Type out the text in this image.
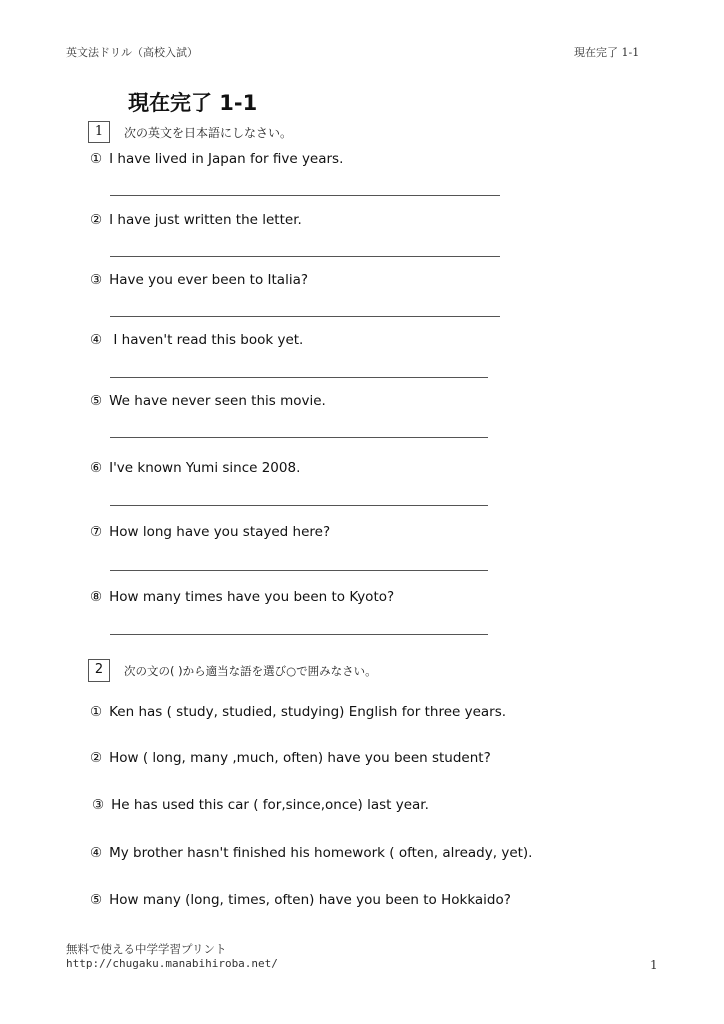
英文法ドリル（高校入試）	現在完了 1-1
現在完了 1-1
1	次の英文を日本語にしなさい。
① I have lived in Japan for five years.
② I have just written the letter.
③ Have you ever been to Italia?
④ I haven't read this book yet.
⑤ We have never seen this movie.
⑥ I've known Yumi since 2008.
⑦ How long have you stayed here?
⑧ How many times have you been to Kyoto?
2	次の文の( )から適当な語を選び○で囲みなさい。
① Ken has ( study, studied, studying) English for three years.
② How ( long, many ,much, often) have you been student?
③ He has used this car ( for,since,once) last year.
④ My brother hasn't finished his homework ( often, already, yet).
⑤ How many (long, times, often) have you been to Hokkaido?
無料で使える中学学習プリント
http://chugaku.manabihiroba.net/	1
